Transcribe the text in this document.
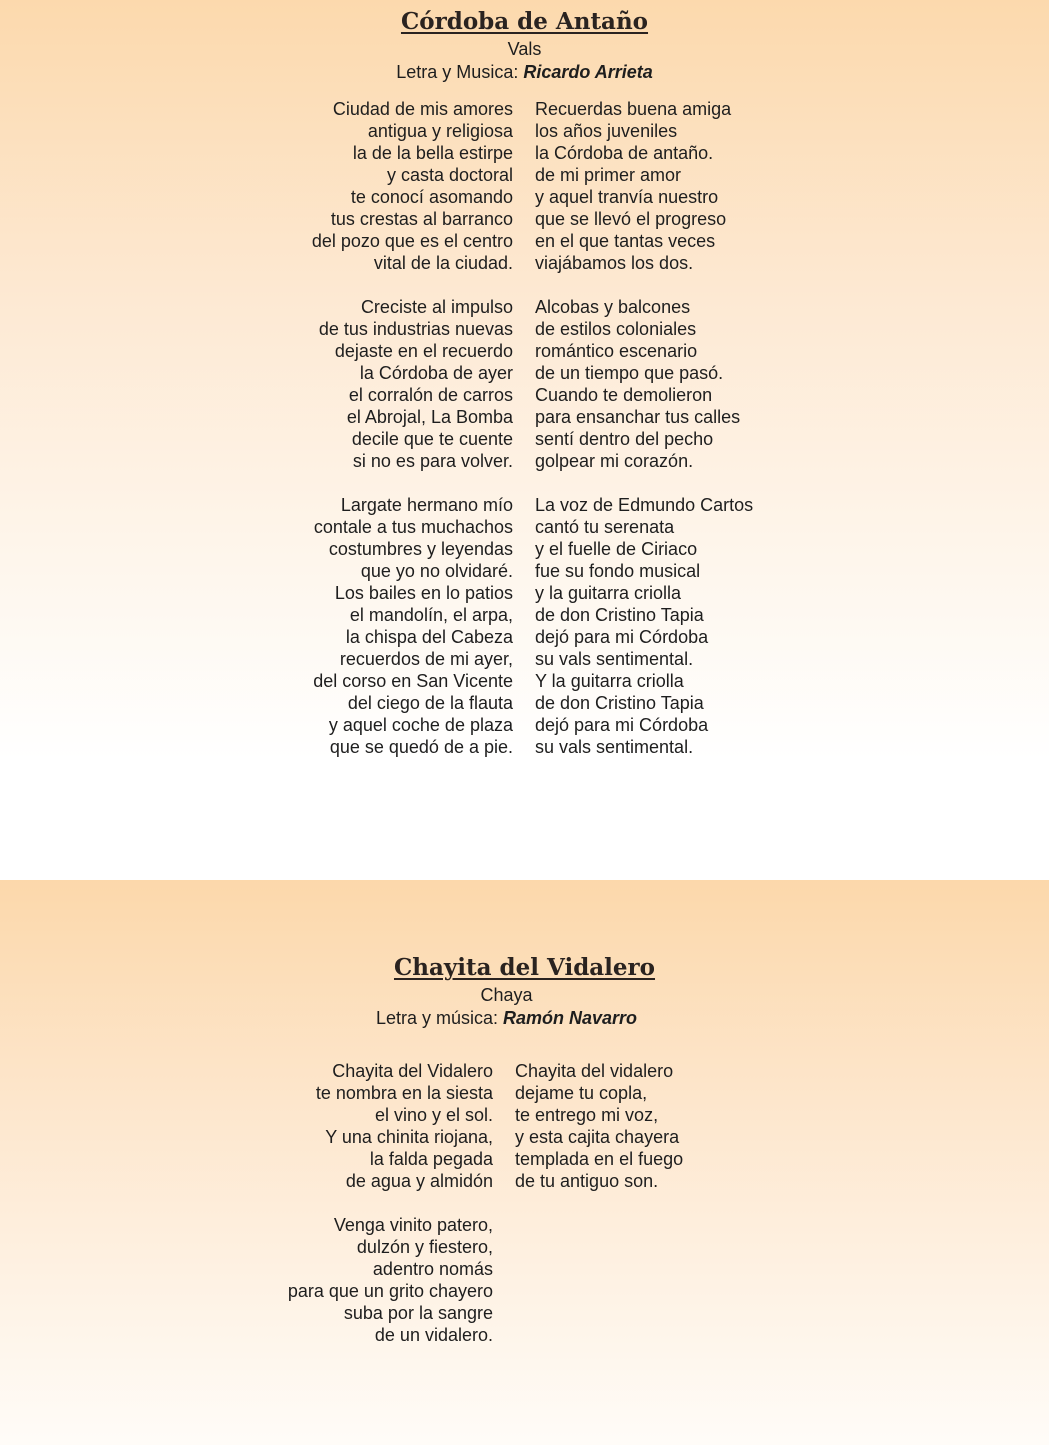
Córdoba de Antaño
Vals
Letra y Musica: Ricardo Arrieta
Ciudad de mis amores
antigua y religiosa
la de la bella estirpe
y casta doctoral
te conocí asomando
tus crestas al barranco
del pozo que es el centro
vital de la ciudad.
Creciste al impulso
de tus industrias nuevas
dejaste en el recuerdo
la Córdoba de ayer
el corralón de carros
el Abrojal, La Bomba
decile que te cuente
si no es para volver.
Largate hermano mío
contale a tus muchachos
costumbres y leyendas
que yo no olvidaré.
Los bailes en lo patios
el mandolín, el arpa,
la chispa del Cabeza
recuerdos de mi ayer,
del corso en San Vicente
del ciego de la flauta
y aquel coche de plaza
que se quedó de a pie.
Recuerdas buena amiga
los años juveniles
la Córdoba de antaño.
de mi primer amor
y aquel tranvía nuestro
que se llevó el progreso
en el que tantas veces
viajábamos los dos.
Alcobas y balcones
de estilos coloniales
romántico escenario
de un tiempo que pasó.
Cuando te demolieron
para ensanchar tus calles
sentí dentro del pecho
golpear mi corazón.
La voz de Edmundo Cartos
cantó tu serenata
y el fuelle de Ciriaco
fue su fondo musical
y la guitarra criolla
de don Cristino Tapia
dejó para mi Córdoba
su vals sentimental.
Y la guitarra criolla
de don Cristino Tapia
dejó para mi Córdoba
su vals sentimental.
Chayita del Vidalero
Chaya
Letra y música: Ramón Navarro
Chayita del Vidalero
te nombra en la siesta
el vino y el sol.
Y una chinita riojana,
la falda pegada
de agua y almidón
Venga vinito patero,
dulzón y fiestero,
adentro nomás
para que un grito chayero
suba por la sangre
de un vidalero.
Chayita del vidalero
dejame tu copla,
te entrego mi voz,
y esta cajita chayera
templada en el fuego
de tu antiguo son.
